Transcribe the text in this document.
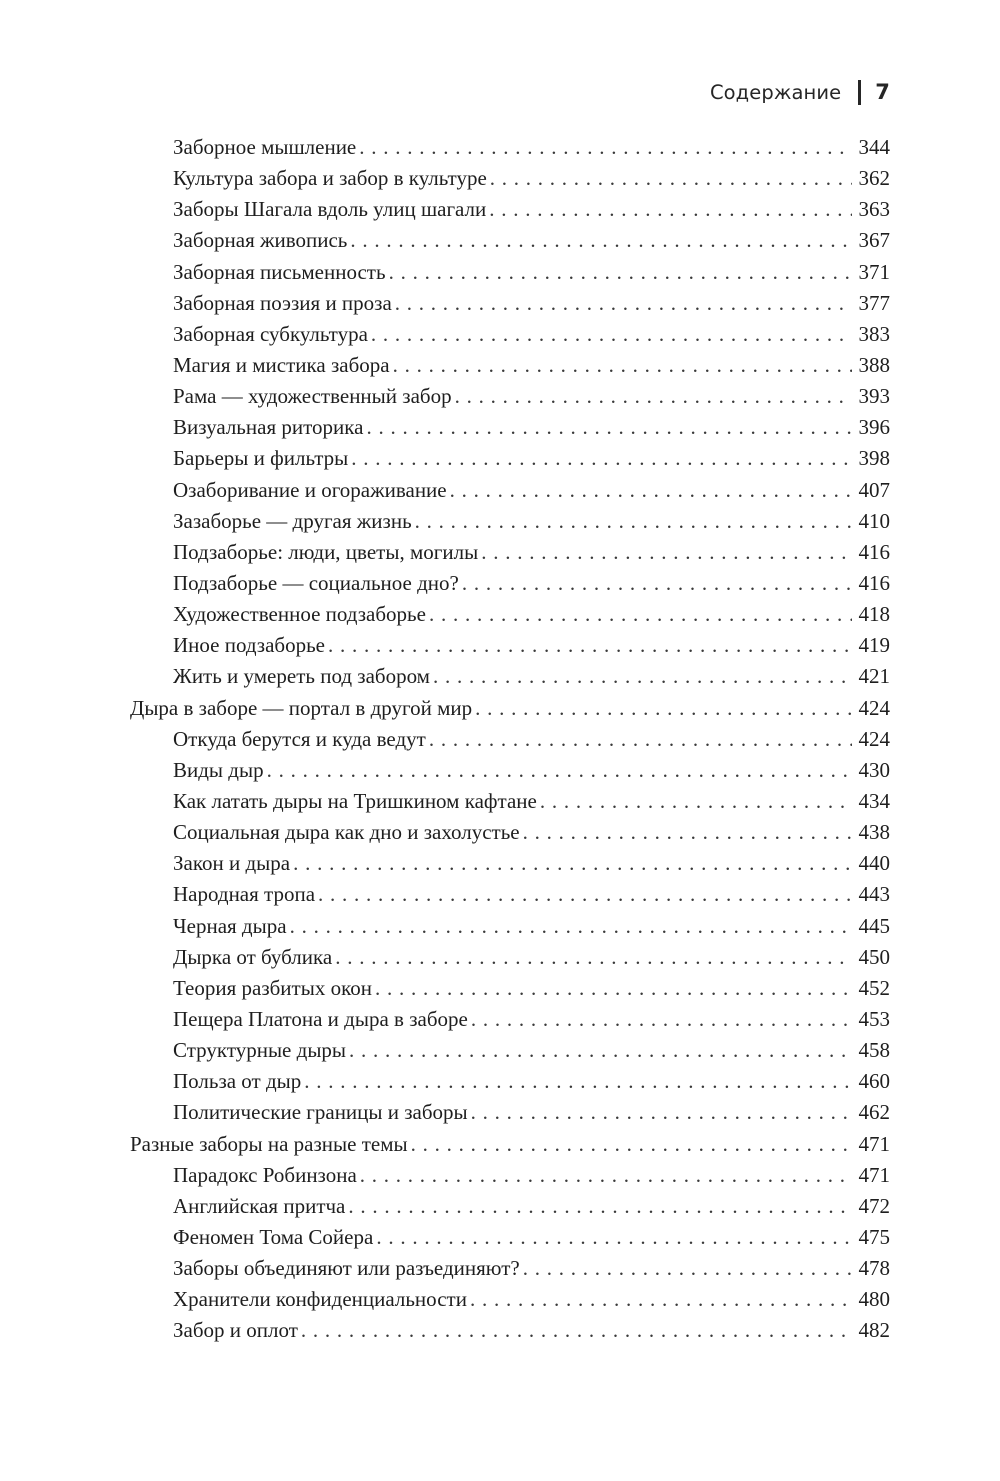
Содержание 7
Заборное мышление . . .	344
Культура забора и забор в культуре . . .	362
Заборы Шагала вдоль улиц шагали . . .	363
Заборная живопись . . .	367
Заборная письменность . . .	371
Заборная поэзия и проза . . .	377
Заборная субкультура . . .	383
Магия и мистика забора . . .	388
Рама — художественный забор . . .	393
Визуальная риторика . . .	396
Барьеры и фильтры . . .	398
Озаборивание и огораживание . . .	407
Зазаборье — другая жизнь . . .	410
Подзаборье: люди, цветы, могилы . . .	416
Подзаборье — социальное дно? . . .	416
Художественное подзаборье . . .	418
Иное подзаборье . . .	419
Жить и умереть под забором . . .	421
Дыра в заборе — портал в другой мир . . .	424
Откуда берутся и куда ведут . . .	424
Виды дыр . . .	430
Как латать дыры на Тришкином кафтане . . .	434
Социальная дыра как дно и захолустье . . .	438
Закон и дыра . . .	440
Народная тропа . . .	443
Черная дыра . . .	445
Дырка от бублика . . .	450
Теория разбитых окон . . .	452
Пещера Платона и дыра в заборе . . .	453
Структурные дыры . . .	458
Польза от дыр . . .	460
Политические границы и заборы . . .	462
Разные заборы на разные темы . . .	471
Парадокс Робинзона . . .	471
Английская притча . . .	472
Феномен Тома Сойера . . .	475
Заборы объединяют или разъединяют? . . .	478
Хранители конфиденциальности . . .	480
Забор и оплот . . .	482
